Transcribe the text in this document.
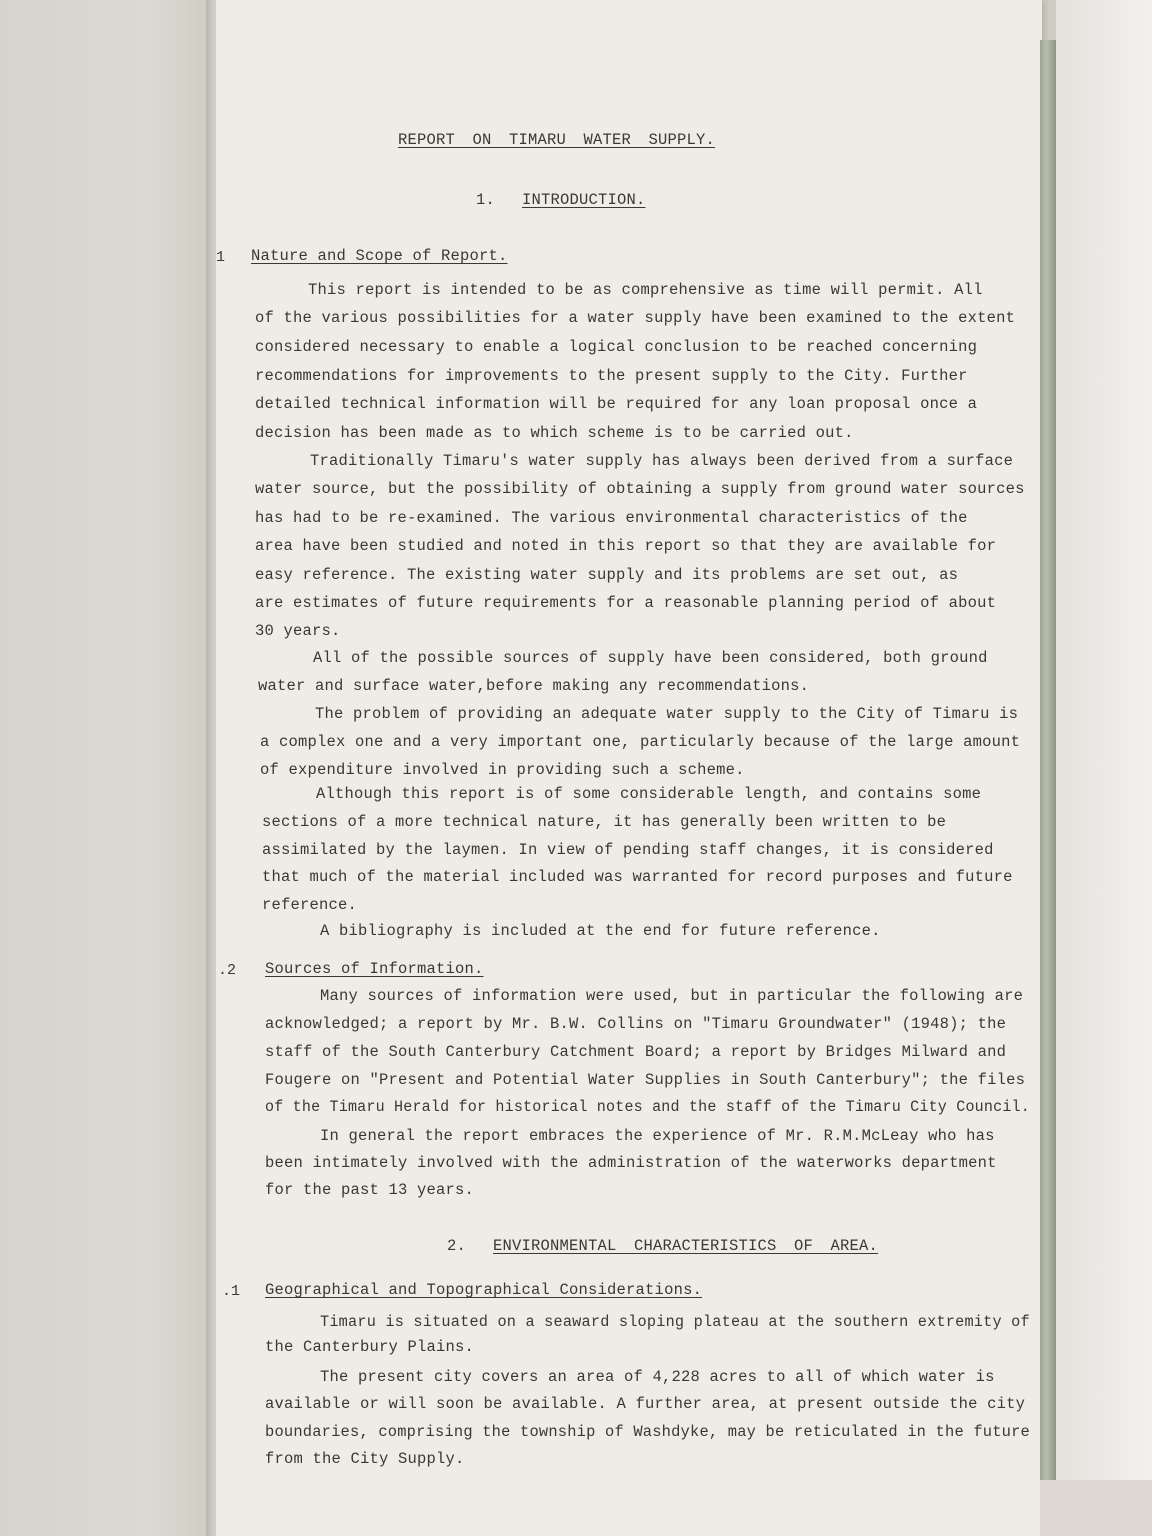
REPORT ON TIMARU WATER SUPPLY.
1. INTRODUCTION.
1 Nature and Scope of Report.
This report is intended to be as comprehensive as time will permit. All
of the various possibilities for a water supply have been examined to the extent
considered necessary to enable a logical conclusion to be reached concerning
recommendations for improvements to the present supply to the City. Further
detailed technical information will be required for any loan proposal once a
decision has been made as to which scheme is to be carried out.
Traditionally Timaru's water supply has always been derived from a surface
water source, but the possibility of obtaining a supply from ground water sources
has had to be re-examined. The various environmental characteristics of the
area have been studied and noted in this report so that they are available for
easy reference. The existing water supply and its problems are set out, as
are estimates of future requirements for a reasonable planning period of about
30 years.
All of the possible sources of supply have been considered, both ground
water and surface water,before making any recommendations.
The problem of providing an adequate water supply to the City of Timaru is
a complex one and a very important one, particularly because of the large amount
of expenditure involved in providing such a scheme.
Although this report is of some considerable length, and contains some
sections of a more technical nature, it has generally been written to be
assimilated by the laymen. In view of pending staff changes, it is considered
that much of the material included was warranted for record purposes and future
reference.
A bibliography is included at the end for future reference.
.2 Sources of Information.
Many sources of information were used, but in particular the following are
acknowledged; a report by Mr. B.W. Collins on "Timaru Groundwater" (1948); the
staff of the South Canterbury Catchment Board; a report by Bridges Milward and
Fougere on "Present and Potential Water Supplies in South Canterbury"; the files
of the Timaru Herald for historical notes and the staff of the Timaru City Council.
In general the report embraces the experience of Mr. R.M.McLeay who has
been intimately involved with the administration of the waterworks department
for the past 13 years.
2. ENVIRONMENTAL CHARACTERISTICS OF AREA.
.1 Geographical and Topographical Considerations.
Timaru is situated on a seaward sloping plateau at the southern extremity of
the Canterbury Plains.
The present city covers an area of 4,228 acres to all of which water is
available or will soon be available. A further area, at present outside the city
boundaries, comprising the township of Washdyke, may be reticulated in the future
from the City Supply.
